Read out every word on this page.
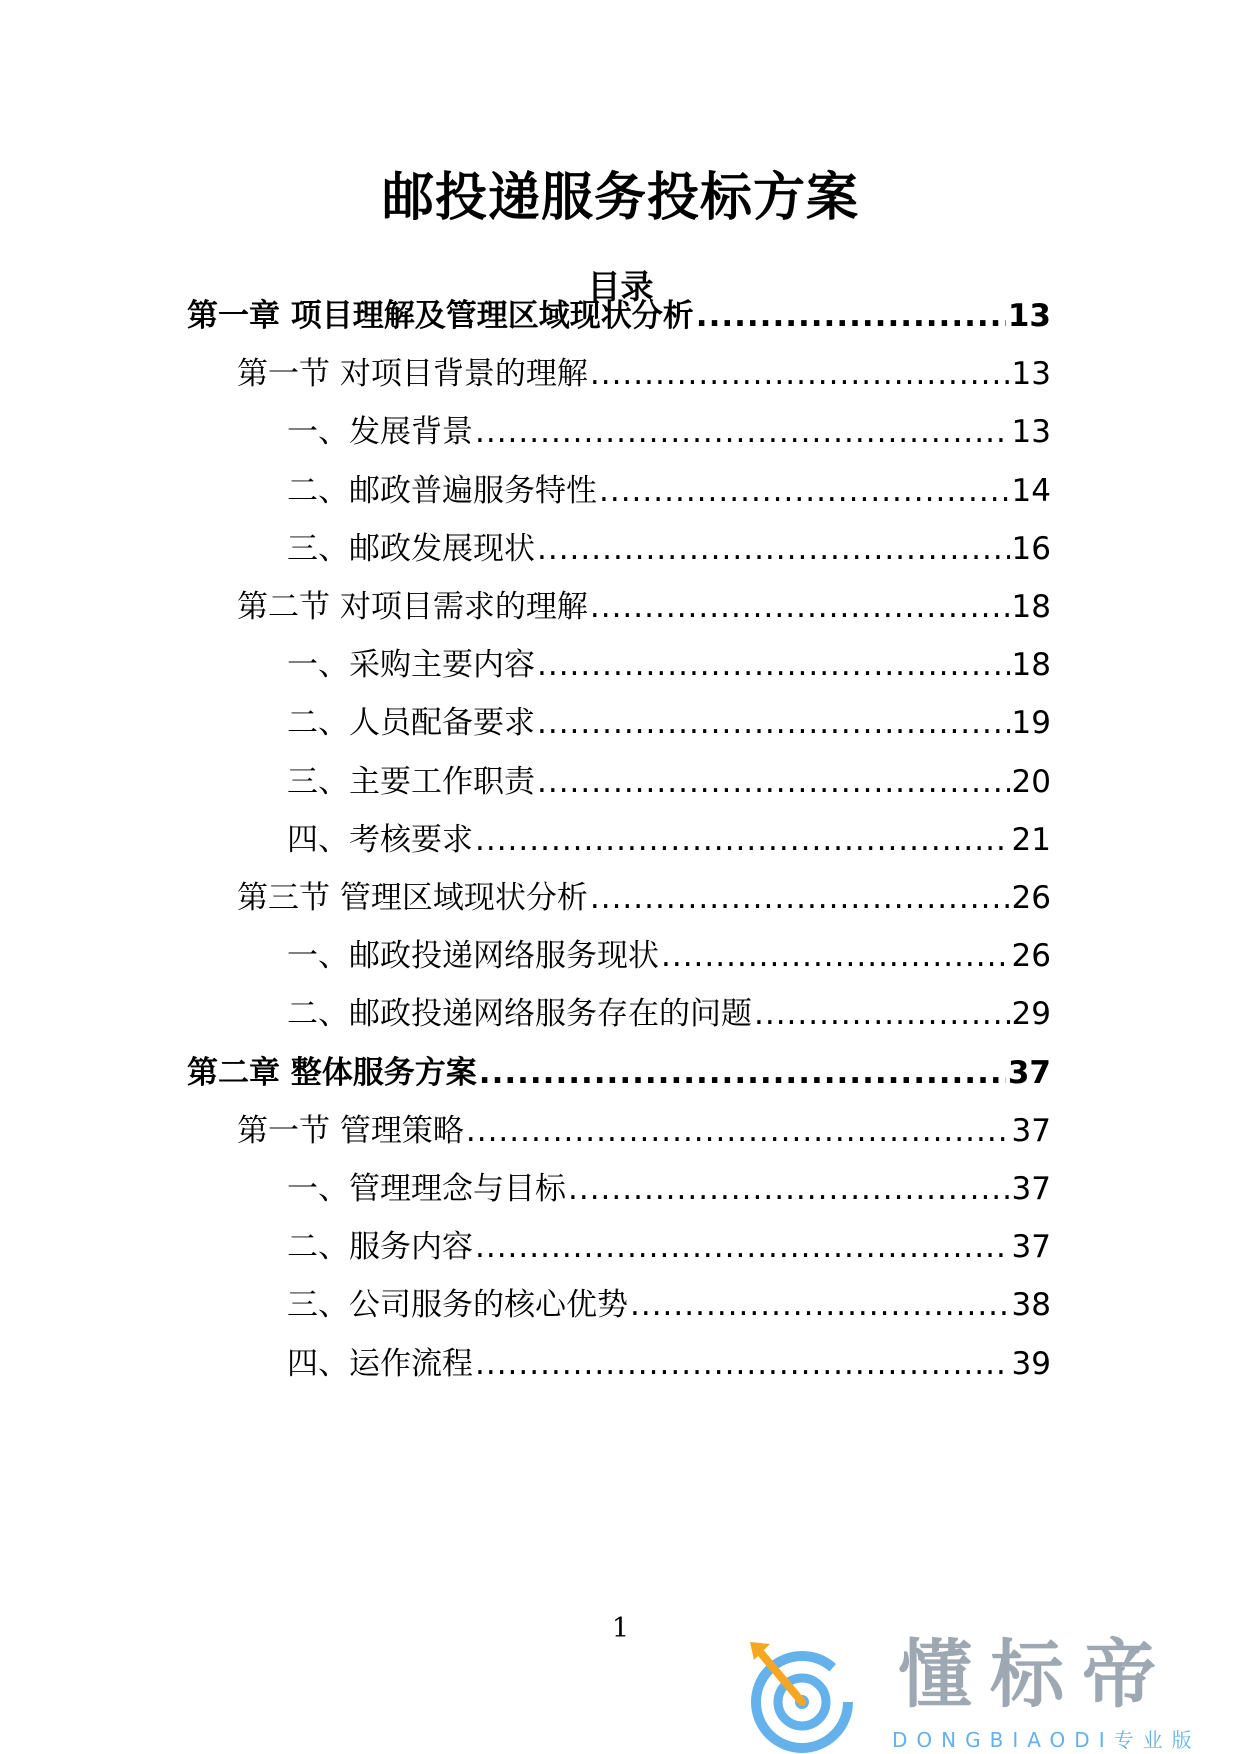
邮投递服务投标方案
目录
第一章 项目理解及管理区域现状分析 .....	13
第一节 对项目背景的理解 .....	13
一、发展背景 .....	13
二、邮政普遍服务特性 .....	14
三、邮政发展现状 .....	16
第二节 对项目需求的理解 .....	18
一、采购主要内容 .....	18
二、人员配备要求 .....	19
三、主要工作职责 .....	20
四、考核要求 .....	21
第三节 管理区域现状分析 .....	26
一、邮政投递网络服务现状 .....	26
二、邮政投递网络服务存在的问题 .....	29
第二章 整体服务方案 .....	37
第一节 管理策略 .....	37
一、管理理念与目标 .....	37
二、服务内容 .....	37
三、公司服务的核心优势 .....	38
四、运作流程 .....	39
1
懂标帝
DONGBIAODI专业版
